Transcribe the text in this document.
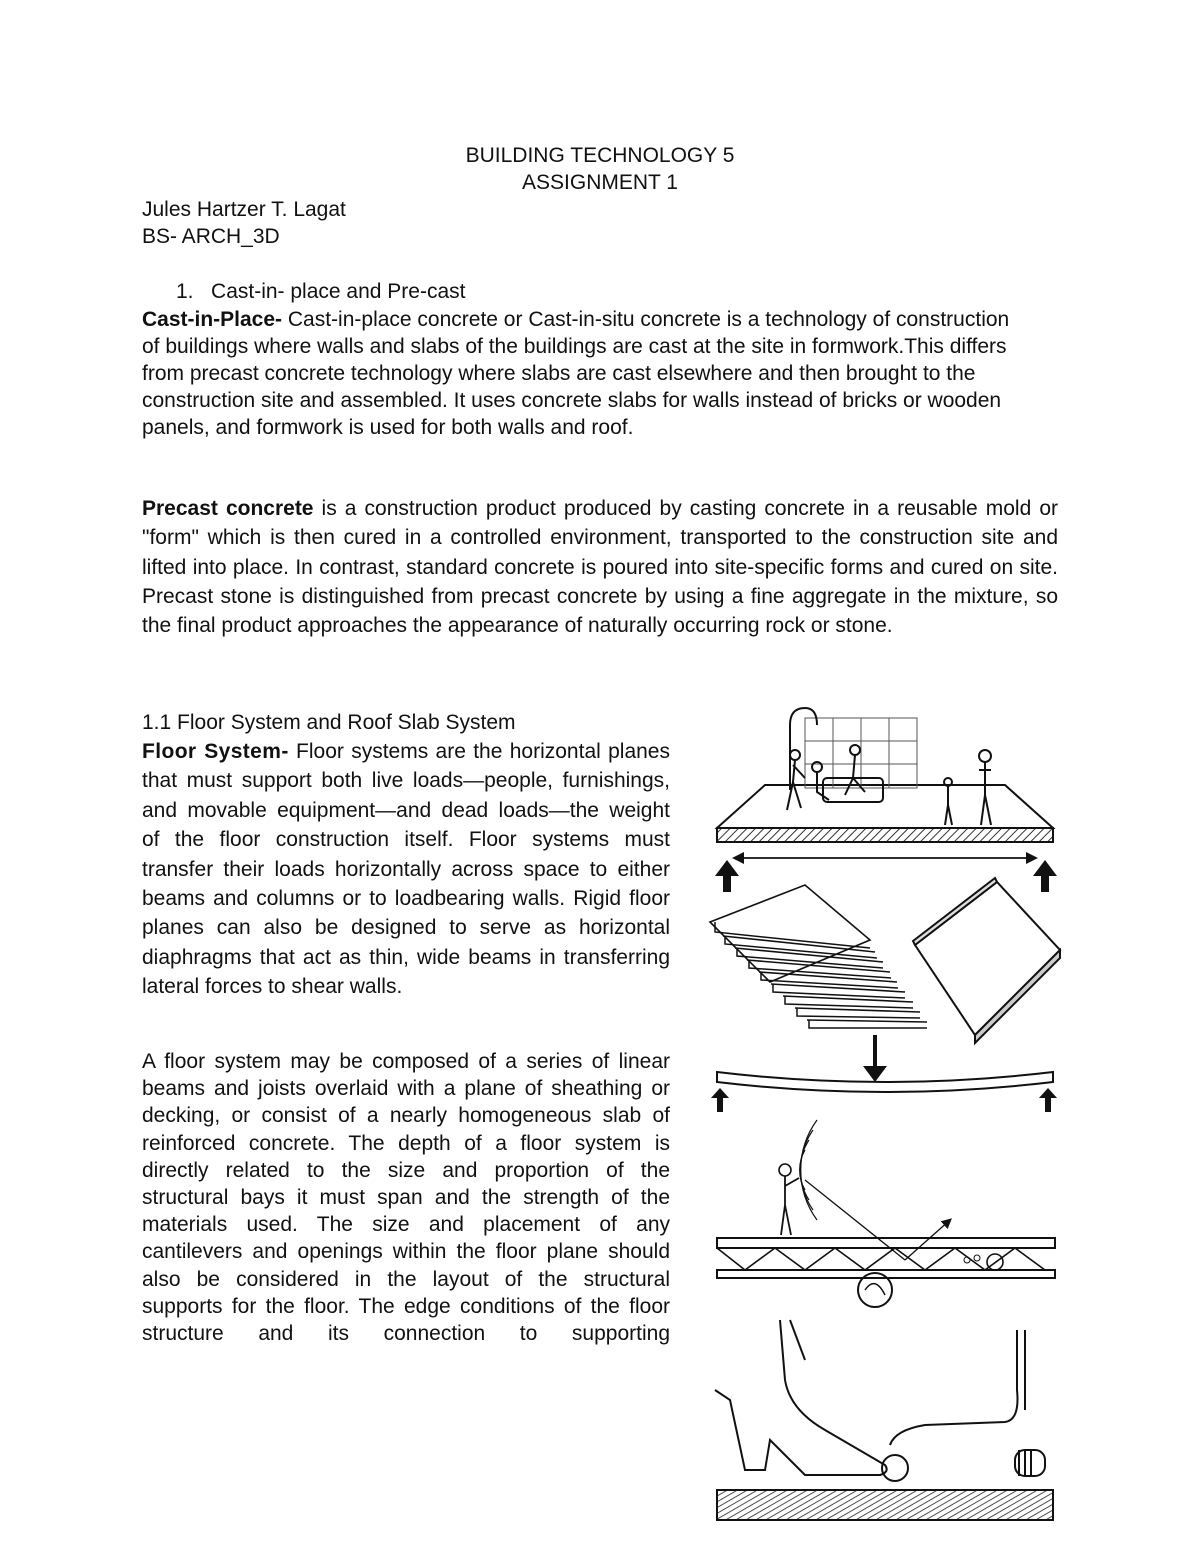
BUILDING TECHNOLOGY 5
ASSIGNMENT 1
Jules Hartzer T. Lagat
BS- ARCH_3D
1. Cast-in- place and Pre-cast

Cast-in-Place- Cast-in-place concrete or Cast-in-situ concrete is a technology of construction of buildings where walls and slabs of the buildings are cast at the site in formwork.This differs from precast concrete technology where slabs are cast elsewhere and then brought to the construction site and assembled. It uses concrete slabs for walls instead of bricks or wooden panels, and formwork is used for both walls and roof.

Precast concrete is a construction product produced by casting concrete in a reusable mold or "form" which is then cured in a controlled environment, transported to the construction site and lifted into place. In contrast, standard concrete is poured into site-specific forms and cured on site. Precast stone is distinguished from precast concrete by using a fine aggregate in the mixture, so the final product approaches the appearance of naturally occurring rock or stone.

1.1 Floor System and Roof Slab System

Floor System- Floor systems are the horizontal planes that must support both live loads—people, furnishings, and movable equipment—and dead loads—the weight of the floor construction itself. Floor systems must transfer their loads horizontally across space to either beams and columns or to loadbearing walls. Rigid floor planes can also be designed to serve as horizontal diaphragms that act as thin, wide beams in transferring lateral forces to shear walls.

A floor system may be composed of a series of linear beams and joists overlaid with a plane of sheathing or decking, or consist of a nearly homogeneous slab of reinforced concrete. The depth of a floor system is directly related to the size and proportion of the structural bays it must span and the strength of the materials used. The size and placement of any cantilevers and openings within the floor plane should also be considered in the layout of the structural supports for the floor. The edge conditions of the floor structure and its connection to supporting
